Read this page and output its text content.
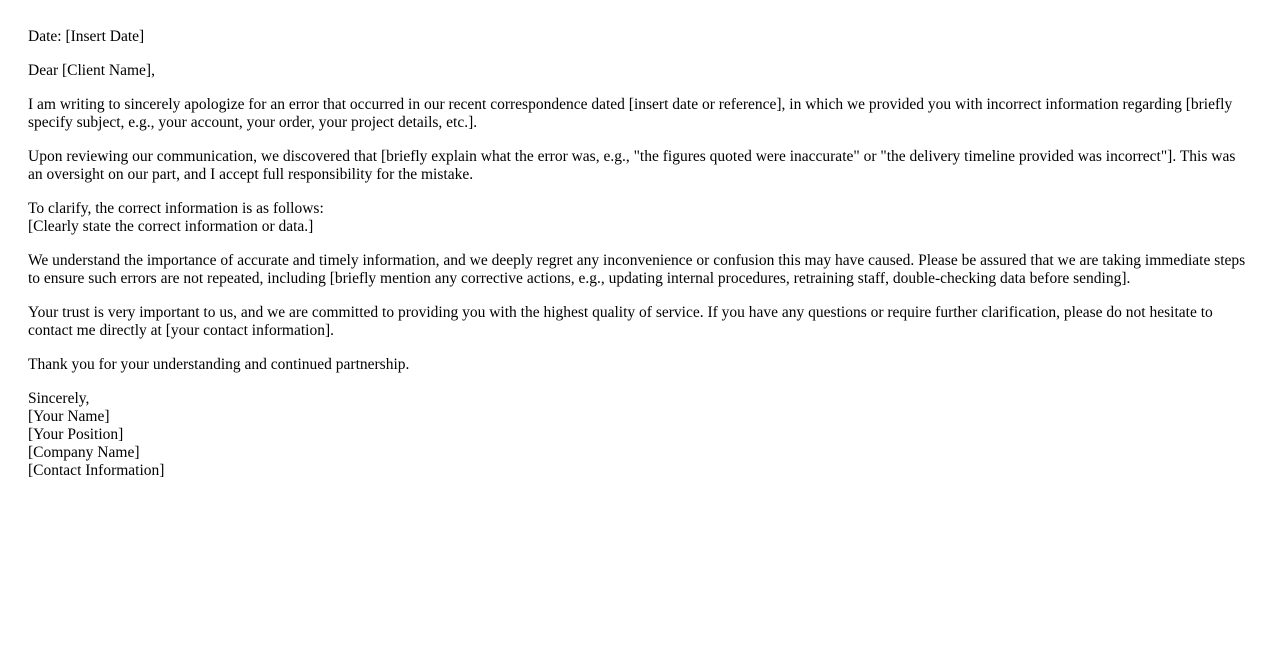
Date: [Insert Date]

Dear [Client Name],

I am writing to sincerely apologize for an error that occurred in our recent correspondence dated [insert date or reference], in which we provided you with incorrect information regarding [briefly specify subject, e.g., your account, your order, your project details, etc.].

Upon reviewing our communication, we discovered that [briefly explain what the error was, e.g., "the figures quoted were inaccurate" or "the delivery timeline provided was incorrect"]. This was an oversight on our part, and I accept full responsibility for the mistake.

To clarify, the correct information is as follows:
[Clearly state the correct information or data.]

We understand the importance of accurate and timely information, and we deeply regret any inconvenience or confusion this may have caused. Please be assured that we are taking immediate steps to ensure such errors are not repeated, including [briefly mention any corrective actions, e.g., updating internal procedures, retraining staff, double-checking data before sending].

Your trust is very important to us, and we are committed to providing you with the highest quality of service. If you have any questions or require further clarification, please do not hesitate to contact me directly at [your contact information].

Thank you for your understanding and continued partnership.

Sincerely,
[Your Name]
[Your Position]
[Company Name]
[Contact Information]
